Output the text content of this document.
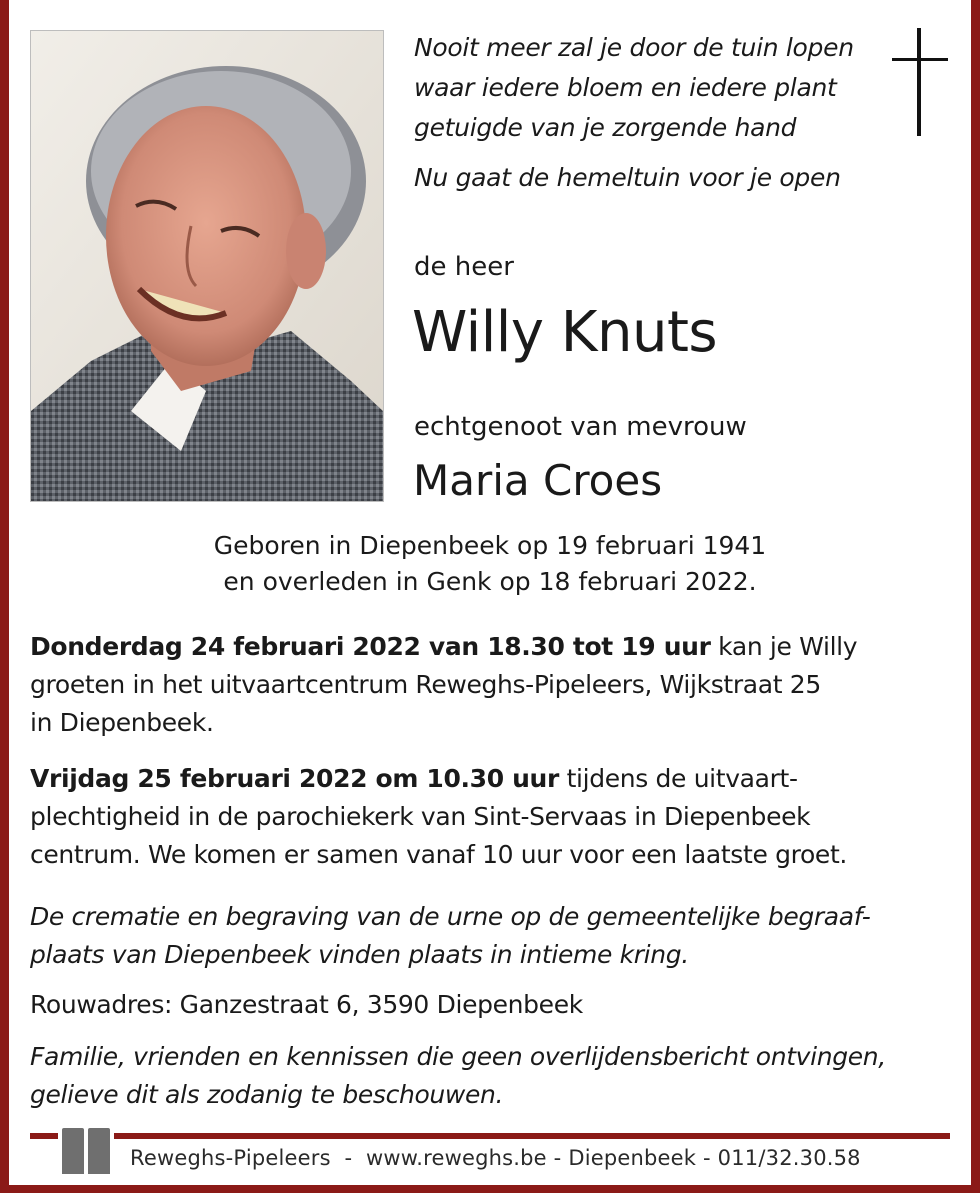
Nooit meer zal je door de tuin lopen
waar iedere bloem en iedere plant
getuigde van je zorgende hand
Nu gaat de hemeltuin voor je open
de heer
Willy Knuts
echtgenoot van mevrouw
Maria Croes
Geboren in Diepenbeek op 19 februari 1941
en overleden in Genk op 18 februari 2022.
Donderdag 24 februari 2022 van 18.30 tot 19 uur kan je Willy
groeten in het uitvaartcentrum Reweghs-Pipeleers, Wijkstraat 25
in Diepenbeek.
Vrijdag 25 februari 2022 om 10.30 uur tijdens de uitvaart-
plechtigheid in de parochiekerk van Sint-Servaas in Diepenbeek
centrum. We komen er samen vanaf 10 uur voor een laatste groet.
De crematie en begraving van de urne op de gemeentelijke begraaf-
plaats van Diepenbeek vinden plaats in intieme kring.
Rouwadres: Ganzestraat 6, 3590 Diepenbeek
Familie, vrienden en kennissen die geen overlijdensbericht ontvingen,
gelieve dit als zodanig te beschouwen.
Reweghs-Pipeleers  -  www.reweghs.be - Diepenbeek - 011/32.30.58
